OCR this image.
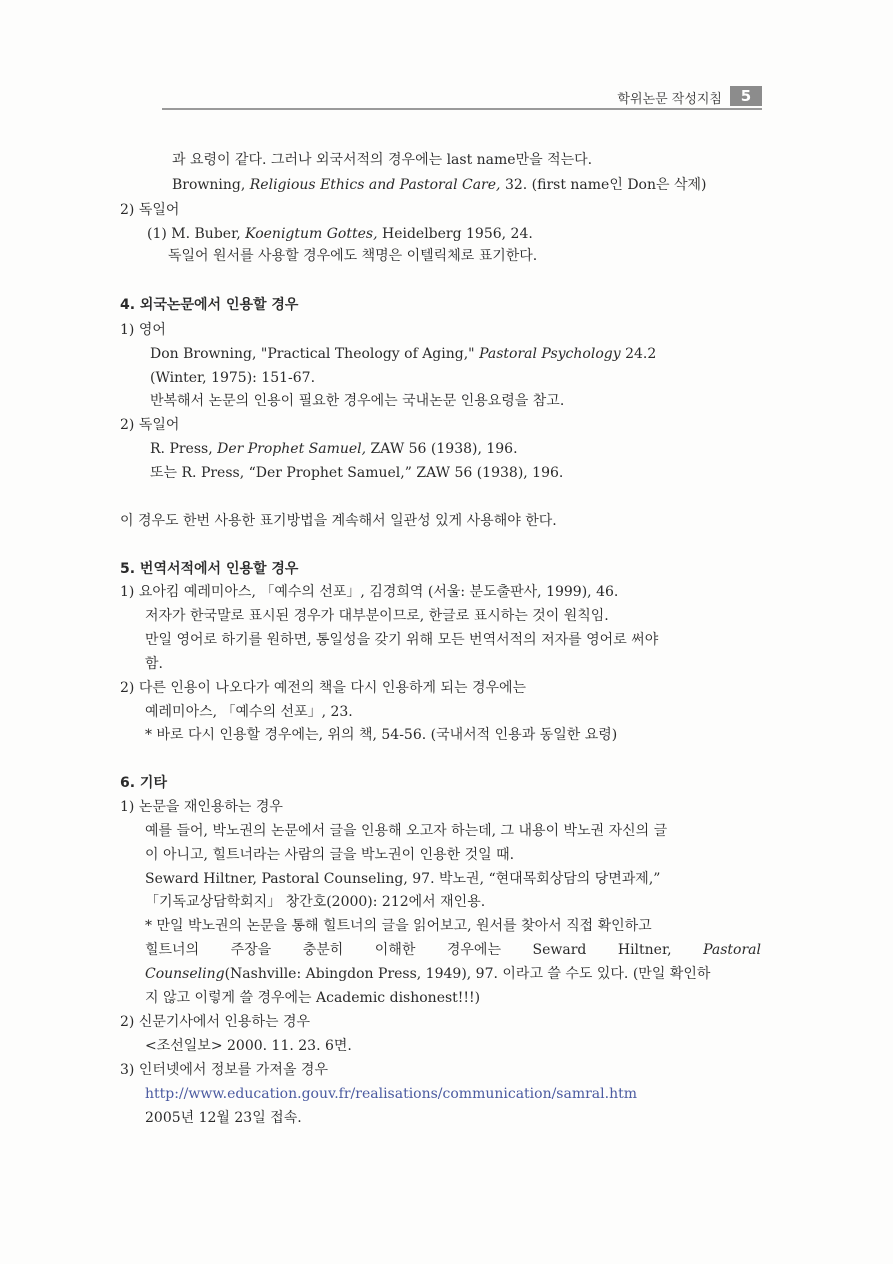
학위논문 작성지침	5
과 요령이 같다. 그러나 외국서적의 경우에는 last name만을 적는다.
Browning, Religious Ethics and Pastoral Care, 32. (first name인 Don은 삭제)
2) 독일어
(1) M. Buber, Koenigtum Gottes, Heidelberg 1956, 24.
독일어 원서를 사용할 경우에도 책명은 이텔릭체로 표기한다.
4. 외국논문에서 인용할 경우
1) 영어
Don Browning, "Practical Theology of Aging," Pastoral Psychology 24.2
(Winter, 1975): 151-67.
반복해서 논문의 인용이 필요한 경우에는 국내논문 인용요령을 참고.
2) 독일어
R. Press, Der Prophet Samuel, ZAW 56 (1938), 196.
또는 R. Press, “Der Prophet Samuel,” ZAW 56 (1938), 196.
이 경우도 한번 사용한 표기방법을 계속해서 일관성 있게 사용해야 한다.
5. 번역서적에서 인용할 경우
1) 요아킴 예레미아스, 「예수의 선포」, 김경희역 (서울: 분도출판사, 1999), 46.
저자가 한국말로 표시된 경우가 대부분이므로, 한글로 표시하는 것이 원칙임.
만일 영어로 하기를 원하면, 통일성을 갖기 위해 모든 번역서적의 저자를 영어로 써야
함.
2) 다른 인용이 나오다가 예전의 책을 다시 인용하게 되는 경우에는
예레미아스, 「예수의 선포」, 23.
* 바로 다시 인용할 경우에는, 위의 책, 54-56. (국내서적 인용과 동일한 요령)
6. 기타
1) 논문을 재인용하는 경우
예를 들어, 박노권의 논문에서 글을 인용해 오고자 하는데, 그 내용이 박노권 자신의 글
이 아니고, 힐트너라는 사람의 글을 박노권이 인용한 것일 때.
Seward Hiltner, Pastoral Counseling, 97. 박노권, “현대목회상담의 당면과제,”
「기독교상담학회지」 창간호(2000): 212에서 재인용.
* 만일 박노권의 논문을 통해 힐트너의 글을 읽어보고, 원서를 찾아서 직접 확인하고
힐트너의 주장을 충분히 이해한 경우에는 Seward Hiltner, Pastoral
Counseling(Nashville: Abingdon Press, 1949), 97. 이라고 쓸 수도 있다. (만일 확인하
지 않고 이렇게 쓸 경우에는 Academic dishonest!!!)
2) 신문기사에서 인용하는 경우
<조선일보> 2000. 11. 23. 6면.
3) 인터넷에서 정보를 가져올 경우
http://www.education.gouv.fr/realisations/communication/samral.htm
2005년 12월 23일 접속.
